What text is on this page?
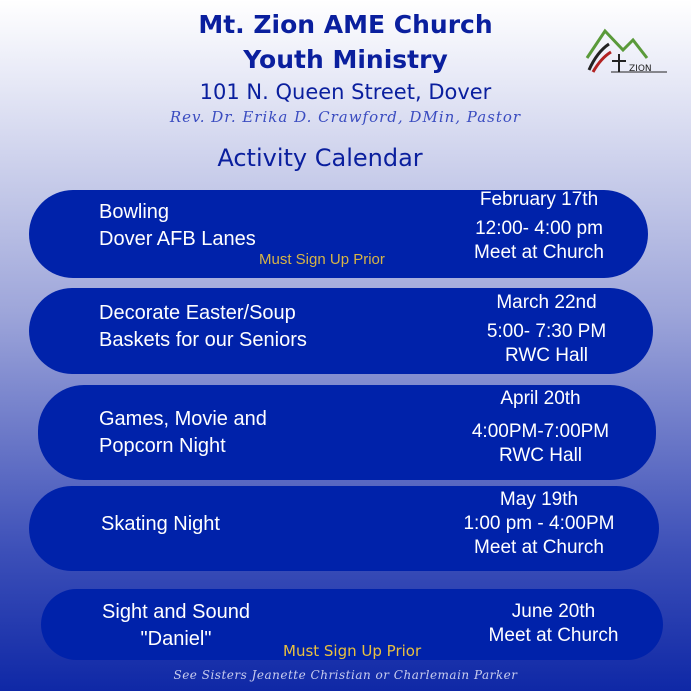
Mt. Zion AME Church
Youth Ministry
101 N. Queen Street, Dover
Rev. Dr. Erika D. Crawford, DMin, Pastor
Activity Calendar
ZION
Bowling
Dover AFB Lanes
Must Sign Up Prior
February 17th
12:00- 4:00 pm
Meet at Church
Decorate Easter/Soup
Baskets for our Seniors
March 22nd
5:00- 7:30 PM
RWC Hall
Games, Movie and
Popcorn Night
April 20th
4:00PM-7:00PM
RWC Hall
Skating Night
May 19th
1:00 pm - 4:00PM
Meet at Church
Sight and Sound
"Daniel"
June 20th
Meet at Church
Must Sign Up Prior
See Sisters Jeanette Christian or Charlemain Parker
